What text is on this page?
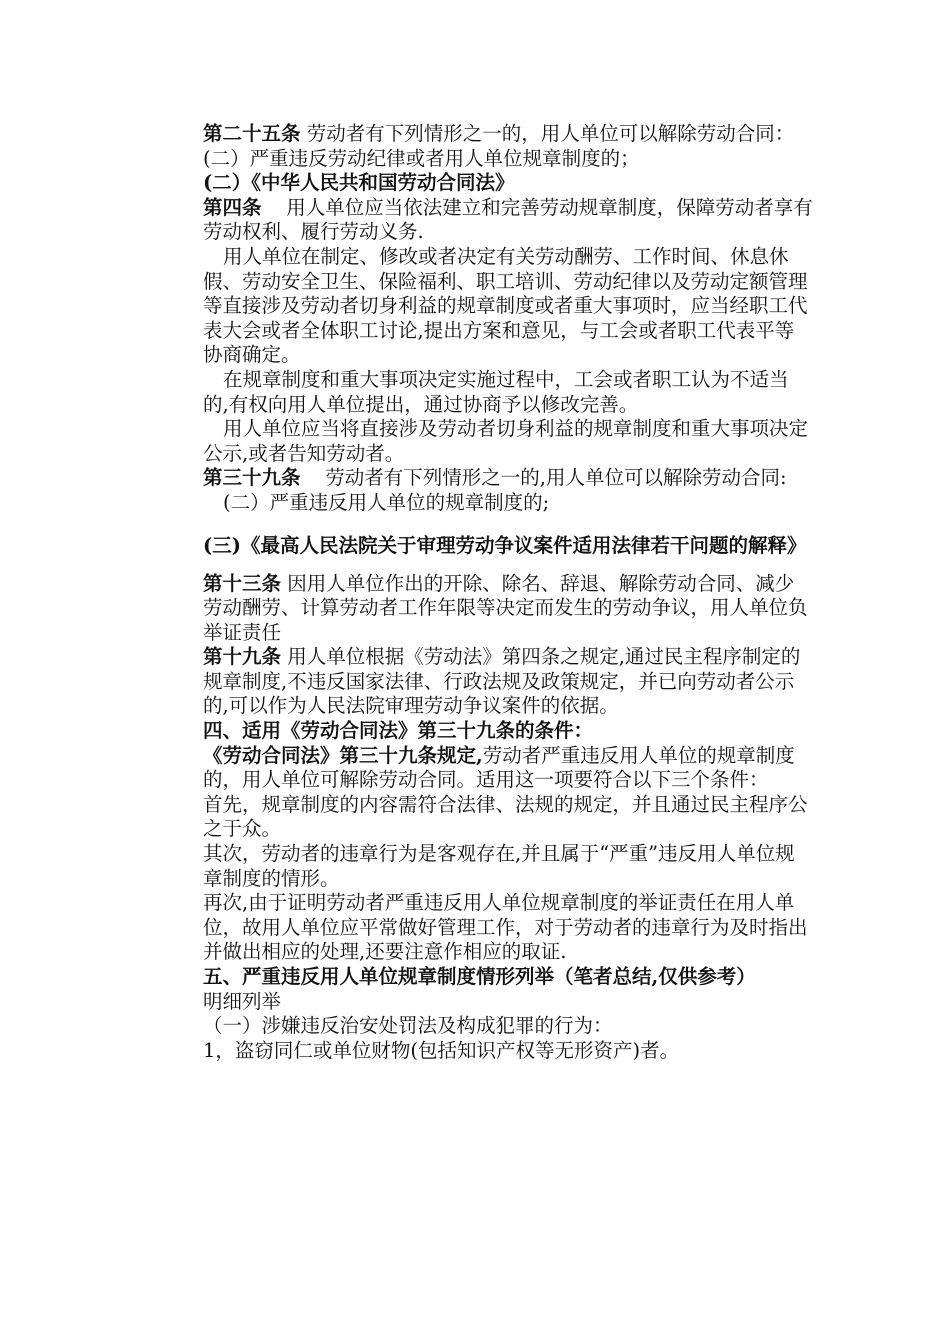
第二十五条 劳动者有下列情形之一的，用人单位可以解除劳动合同：

(二）严重违反劳动纪律或者用人单位规章制度的；

(二）《中华人民共和国劳动合同法》

第四条    用人单位应当依法建立和完善劳动规章制度，保障劳动者享有劳动权利、履行劳动义务.

用人单位在制定、修改或者决定有关劳动酬劳、工作时间、休息休假、劳动安全卫生、保险福利、职工培训、劳动纪律以及劳动定额管理等直接涉及劳动者切身利益的规章制度或者重大事项时，应当经职工代表大会或者全体职工讨论,提出方案和意见，与工会或者职工代表平等协商确定。

在规章制度和重大事项决定实施过程中，工会或者职工认为不适当的,有权向用人单位提出，通过协商予以修改完善。

用人单位应当将直接涉及劳动者切身利益的规章制度和重大事项决定公示,或者告知劳动者。

第三十九条    劳动者有下列情形之一的,用人单位可以解除劳动合同:

(二）严重违反用人单位的规章制度的;

(三)《最高人民法院关于审理劳动争议案件适用法律若干问题的解释》

第十三条 因用人单位作出的开除、除名、辞退、解除劳动合同、减少劳动酬劳、计算劳动者工作年限等决定而发生的劳动争议，用人单位负举证责任

第十九条 用人单位根据《劳动法》第四条之规定,通过民主程序制定的规章制度,不违反国家法律、行政法规及政策规定，并已向劳动者公示的,可以作为人民法院审理劳动争议案件的依据。

四、适用《劳动合同法》第三十九条的条件：

《劳动合同法》第三十九条规定,劳动者严重违反用人单位的规章制度的，用人单位可解除劳动合同。适用这一项要符合以下三个条件：

首先，规章制度的内容需符合法律、法规的规定，并且通过民主程序公之于众。

其次，劳动者的违章行为是客观存在,并且属于“严重”违反用人单位规章制度的情形。

再次,由于证明劳动者严重违反用人单位规章制度的举证责任在用人单位，故用人单位应平常做好管理工作，对于劳动者的违章行为及时指出并做出相应的处理,还要注意作相应的取证.

五、严重违反用人单位规章制度情形列举（笔者总结,仅供参考）

明细列举

（一）涉嫌违反治安处罚法及构成犯罪的行为：

1，盗窃同仁或单位财物(包括知识产权等无形资产)者。
